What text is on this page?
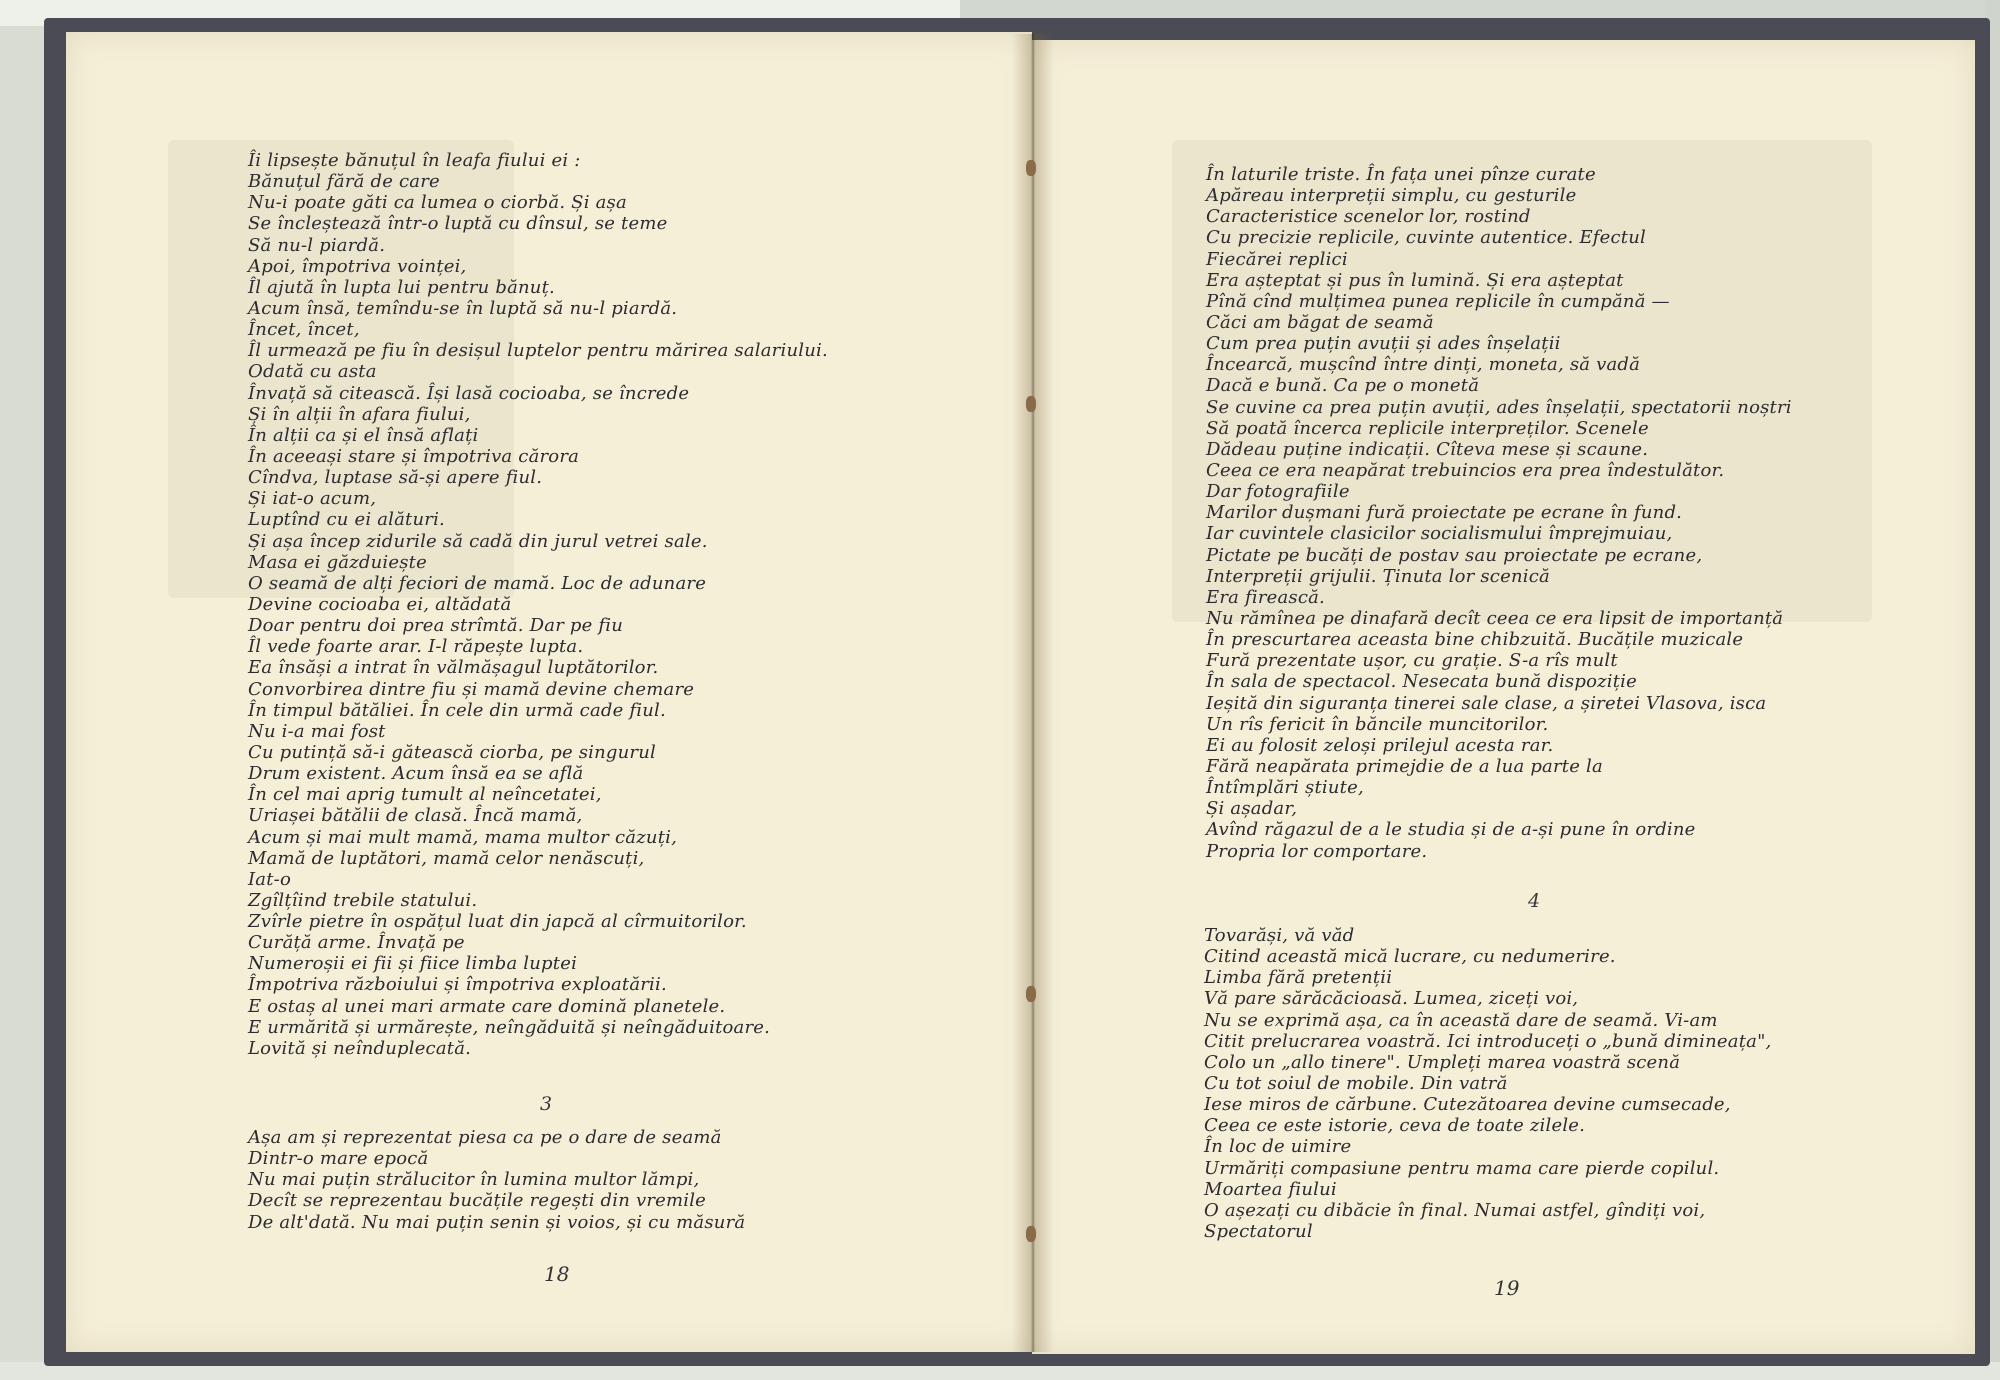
Îi lipsește bănuțul în leafa fiului ei :
Bănuțul fără de care
Nu-i poate găti ca lumea o ciorbă. Și așa
Se încleștează într-o luptă cu dînsul, se teme
Să nu-l piardă.
Apoi, împotriva voinței,
Îl ajută în lupta lui pentru bănuț.
Acum însă, temîndu-se în luptă să nu-l piardă.
Încet, încet,
Îl urmează pe fiu în desișul luptelor pentru mărirea salariului.
Odată cu asta
Învață să citească. Își lasă cocioaba, se încrede
Și în alții în afara fiului,
În alții ca și el însă aflați
În aceeași stare și împotriva cărora
Cîndva, luptase să-și apere fiul.
Și iat-o acum,
Luptînd cu ei alături.
Și așa încep zidurile să cadă din jurul vetrei sale.
Masa ei găzduiește
O seamă de alți feciori de mamă. Loc de adunare
Devine cocioaba ei, altădată
Doar pentru doi prea strîmtă. Dar pe fiu
Îl vede foarte arar. I-l răpește lupta.
Ea însăși a intrat în vălmășagul luptătorilor.
Convorbirea dintre fiu și mamă devine chemare
În timpul bătăliei. În cele din urmă cade fiul.
Nu i-a mai fost
Cu putință să-i gătească ciorba, pe singurul
Drum existent. Acum însă ea se află
În cel mai aprig tumult al neîncetatei,
Uriașei bătălii de clasă. Încă mamă,
Acum și mai mult mamă, mama multor căzuți,
Mamă de luptători, mamă celor nenăscuți,
Iat-o
Zgîlțîind trebile statului.
Zvîrle pietre în ospățul luat din japcă al cîrmuitorilor.
Curăță arme. Învață pe
Numeroșii ei fii și fiice limba luptei
Împotriva războiului și împotriva exploatării.
E ostaș al unei mari armate care domină planetele.
E urmărită și urmărește, neîngăduită și neîngăduitoare.
Lovită și neînduplecată.
3
Așa am și reprezentat piesa ca pe o dare de seamă
Dintr-o mare epocă
Nu mai puțin strălucitor în lumina multor lămpi,
Decît se reprezentau bucățile regești din vremile
De alt'dată. Nu mai puțin senin și voios, și cu măsură
18
În laturile triste. În fața unei pînze curate
Apăreau interpreții simplu, cu gesturile
Caracteristice scenelor lor, rostind
Cu precizie replicile, cuvinte autentice. Efectul
Fiecărei replici
Era așteptat și pus în lumină. Și era așteptat
Pînă cînd mulțimea punea replicile în cumpănă —
Căci am băgat de seamă
Cum prea puțin avuții și ades înșelații
Încearcă, mușcînd între dinți, moneta, să vadă
Dacă e bună. Ca pe o monetă
Se cuvine ca prea puțin avuții, ades înșelații, spectatorii noștri
Să poată încerca replicile interpreților. Scenele
Dădeau puține indicații. Cîteva mese și scaune.
Ceea ce era neapărat trebuincios era prea îndestulător.
Dar fotografiile
Marilor dușmani fură proiectate pe ecrane în fund.
Iar cuvintele clasicilor socialismului împrejmuiau,
Pictate pe bucăți de postav sau proiectate pe ecrane,
Interpreții grijulii. Ținuta lor scenică
Era firească.
Nu rămînea pe dinafară decît ceea ce era lipsit de importanță
În prescurtarea aceasta bine chibzuită. Bucățile muzicale
Fură prezentate ușor, cu grație. S-a rîs mult
În sala de spectacol. Nesecata bună dispoziție
Ieșită din siguranța tinerei sale clase, a șiretei Vlasova, isca
Un rîs fericit în băncile muncitorilor.
Ei au folosit zeloși prilejul acesta rar.
Fără neapărata primejdie de a lua parte la
Întîmplări știute,
Și așadar,
Avînd răgazul de a le studia și de a-și pune în ordine
Propria lor comportare.
4
Tovarăși, vă văd
Citind această mică lucrare, cu nedumerire.
Limba fără pretenții
Vă pare sărăcăcioasă. Lumea, ziceți voi,
Nu se exprimă așa, ca în această dare de seamă. Vi-am
Citit prelucrarea voastră. Ici introduceți o „bună dimineața",
Colo un „allo tinere". Umpleți marea voastră scenă
Cu tot soiul de mobile. Din vatră
Iese miros de cărbune. Cutezătoarea devine cumsecade,
Ceea ce este istorie, ceva de toate zilele.
În loc de uimire
Urmăriți compasiune pentru mama care pierde copilul.
Moartea fiului
O așezați cu dibăcie în final. Numai astfel, gîndiți voi,
Spectatorul
19
